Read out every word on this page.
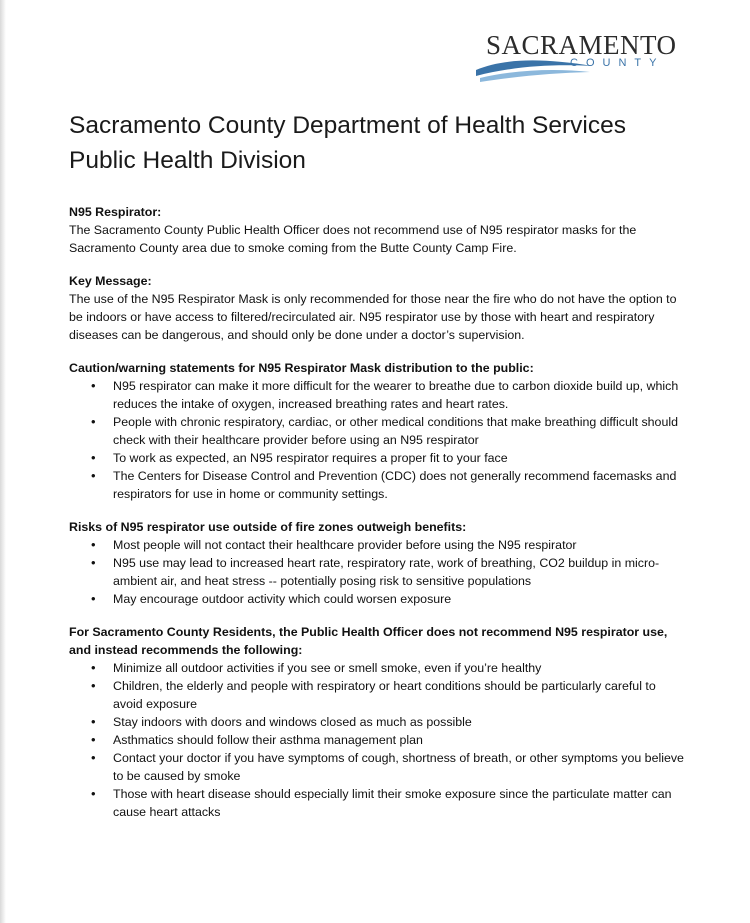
SACRAMENTO
COUNTY
Sacramento County Department of Health Services
Public Health Division
N95 Respirator:
The Sacramento County Public Health Officer does not recommend use of N95 respirator masks for the Sacramento County area due to smoke coming from the Butte County Camp Fire.
Key Message:
The use of the N95 Respirator Mask is only recommended for those near the fire who do not have the option to be indoors or have access to filtered/recirculated air. N95 respirator use by those with heart and respiratory diseases can be dangerous, and should only be done under a doctor’s supervision.
Caution/warning statements for N95 Respirator Mask distribution to the public:
• N95 respirator can make it more difficult for the wearer to breathe due to carbon dioxide build up, which reduces the intake of oxygen, increased breathing rates and heart rates.
• People with chronic respiratory, cardiac, or other medical conditions that make breathing difficult should check with their healthcare provider before using an N95 respirator
• To work as expected, an N95 respirator requires a proper fit to your face
• The Centers for Disease Control and Prevention (CDC) does not generally recommend facemasks and respirators for use in home or community settings.
Risks of N95 respirator use outside of fire zones outweigh benefits:
• Most people will not contact their healthcare provider before using the N95 respirator
• N95 use may lead to increased heart rate, respiratory rate, work of breathing, CO2 buildup in micro-ambient air, and heat stress -- potentially posing risk to sensitive populations
• May encourage outdoor activity which could worsen exposure
For Sacramento County Residents, the Public Health Officer does not recommend N95 respirator use, and instead recommends the following:
• Minimize all outdoor activities if you see or smell smoke, even if you’re healthy
• Children, the elderly and people with respiratory or heart conditions should be particularly careful to avoid exposure
• Stay indoors with doors and windows closed as much as possible
• Asthmatics should follow their asthma management plan
• Contact your doctor if you have symptoms of cough, shortness of breath, or other symptoms you believe to be caused by smoke
• Those with heart disease should especially limit their smoke exposure since the particulate matter can cause heart attacks
